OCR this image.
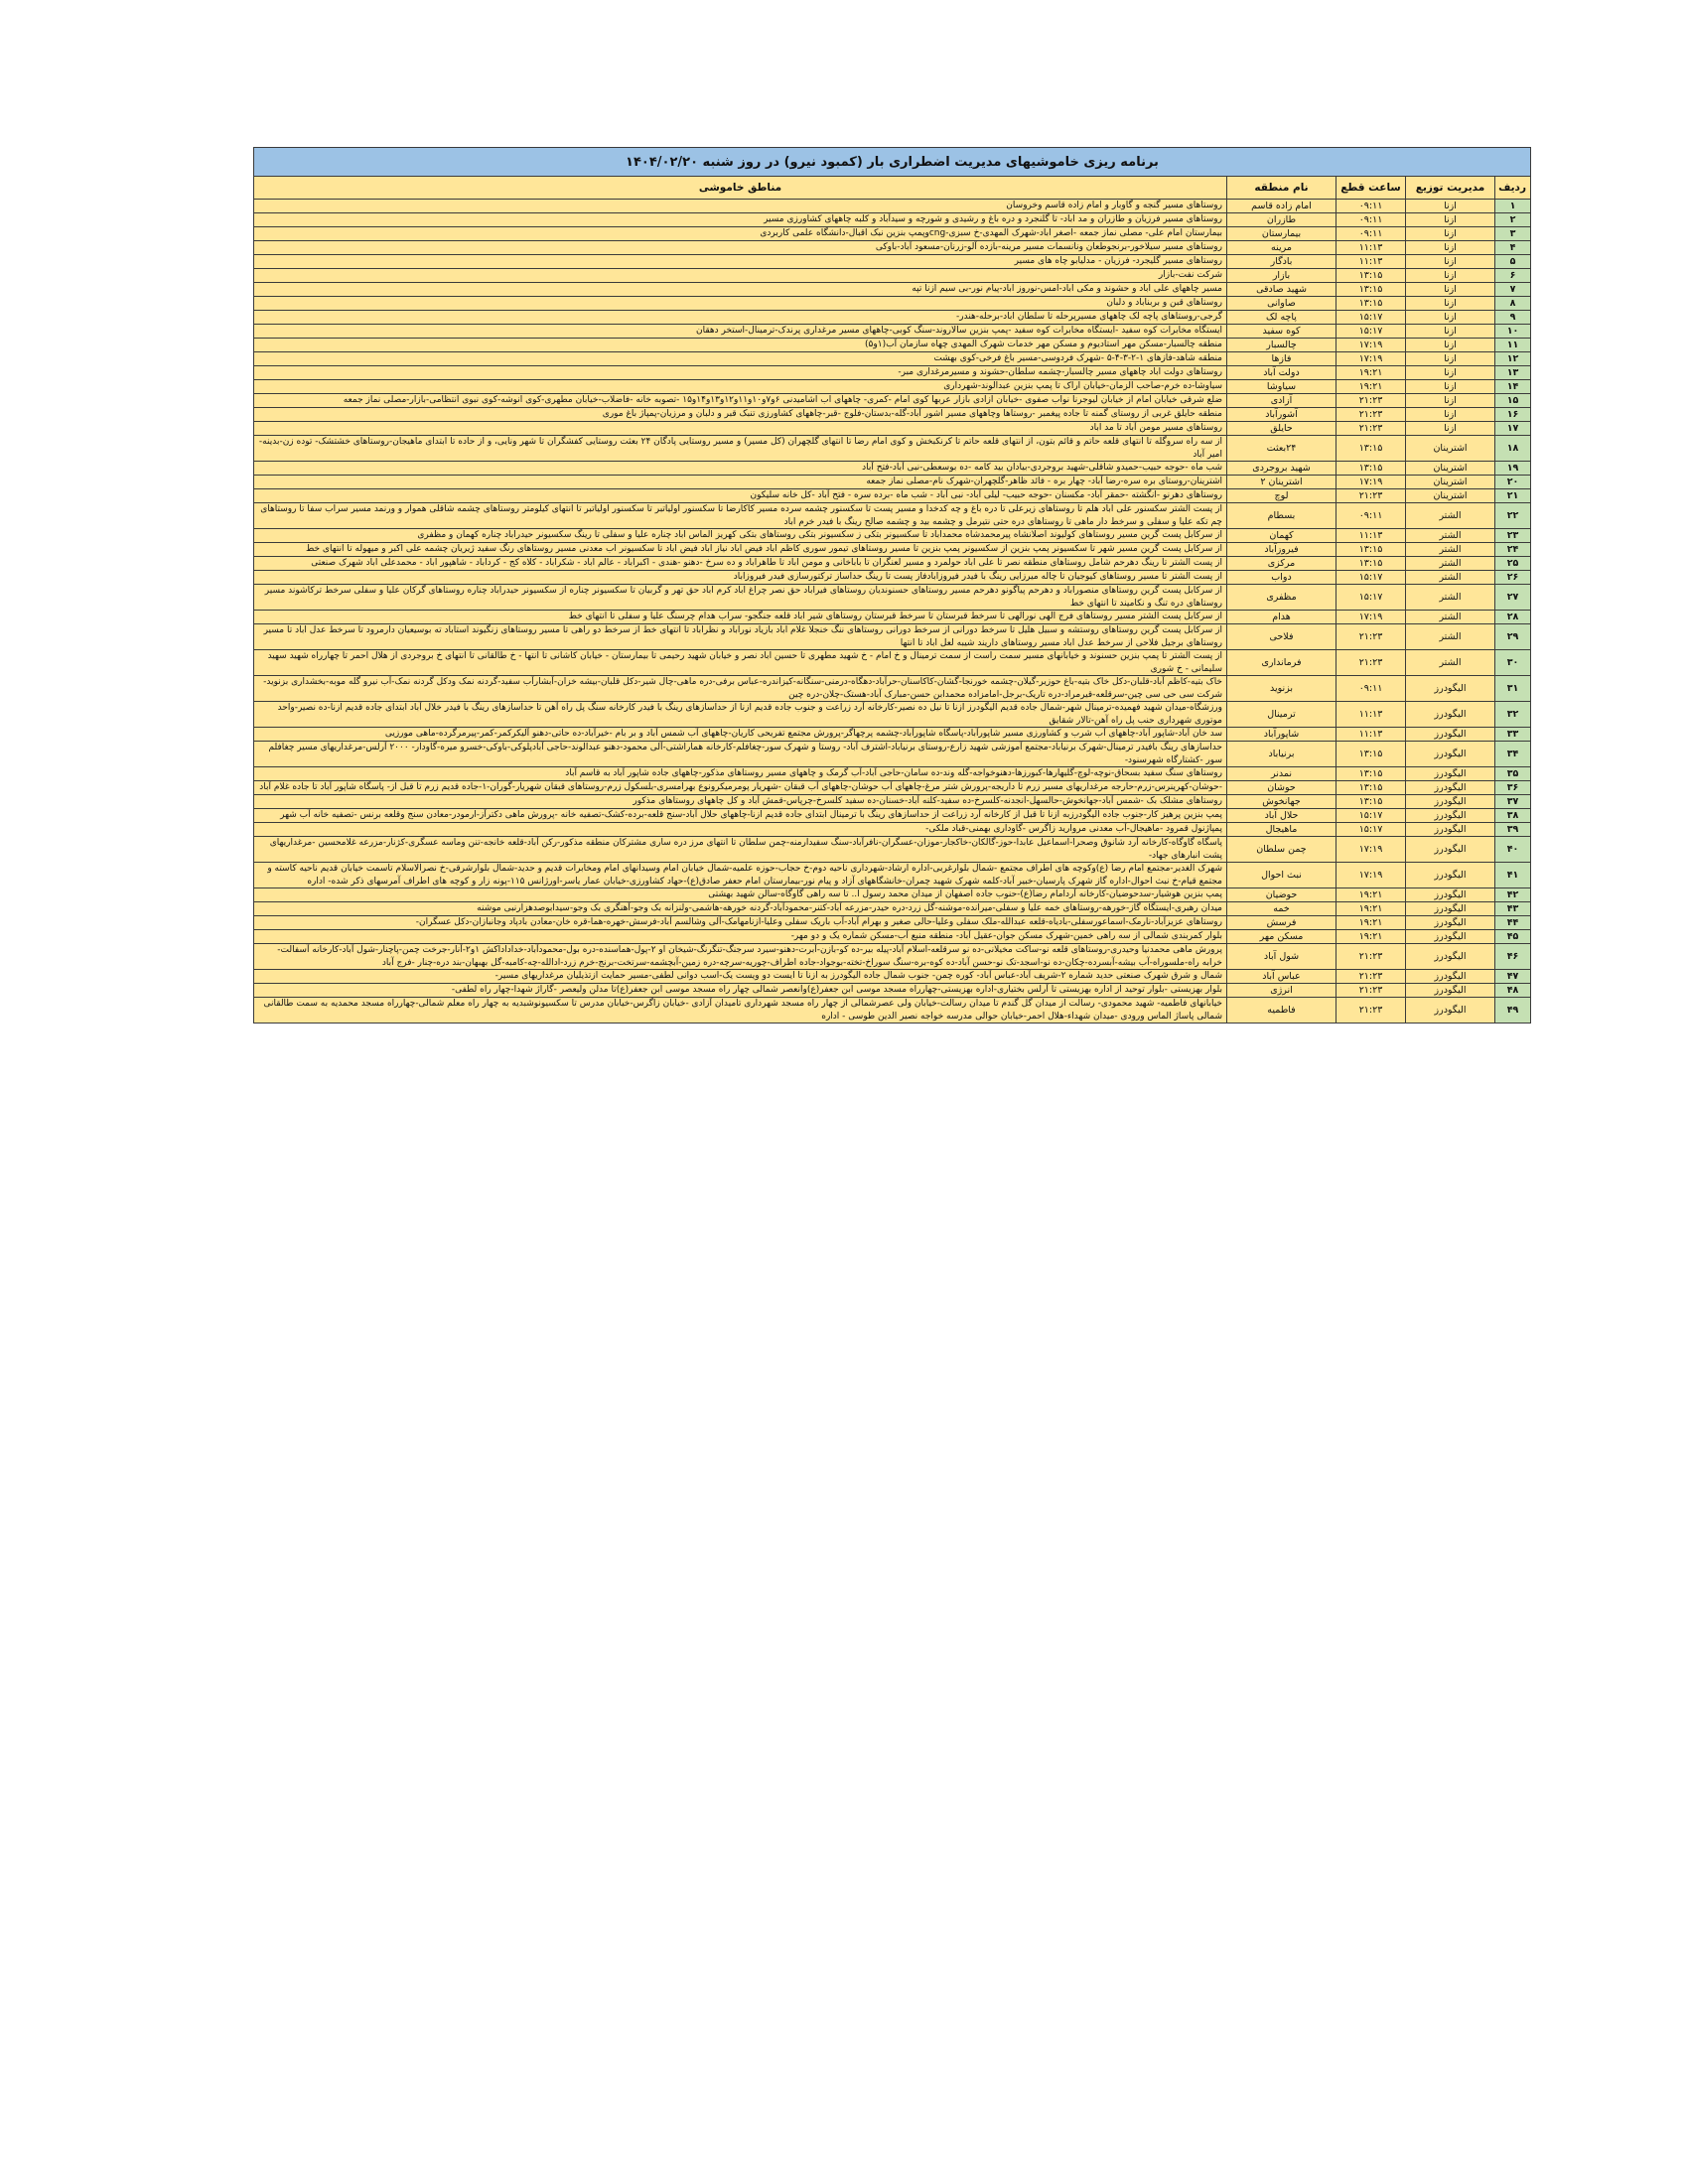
برنامه ریزی خاموشیهای مدیریت اضطراری بار (کمبود نیرو) در روز شنبه ۱۴۰۴/۰۲/۲۰				
ردیف	مدیریت توزیع	ساعت قطع	نام منطقه	مناطق خاموشی
۱	ازنا	۰۹:۱۱	امام زاده قاسم	روستاهای مسیر گنجه و گاوبار و امام زاده قاسم وخروسان
۲	ازنا	۰۹:۱۱	طازران	روستاهای مسیر فرزیان و طازران و مد اباد- تا گلنجرد و دره باغ و رشیدی و شورچه و سیدآباد و کلبه چاههای کشاورزی مسیر
۳	ازنا	۰۹:۱۱	بیمارستان	بیمارستان امام علی- مصلی نماز جمعه -اصغر اباد-شهرک المهدی-خ سبزی-cngوپمپ بنزین نبک اقبال-دانشگاه علمی کاربردی
۴	ازنا	۱۱:۱۳	مرینه	روستاهای مسیر سیلاخور-برنجوطعان ونانسمات مسیر مرینه-بازده آلو-زرنان-مسعود آباد-باوکی
۵	ازنا	۱۱:۱۳	بادگار	روستاهای مسیر گلیجرد- فرزیان - مدلیابو چاه های مسیر
۶	ازنا	۱۳:۱۵	بازار	شرکت نفت-بازار
۷	ازنا	۱۳:۱۵	شهید صادقی	مسیر چاههای علی اباد و حشوند و مکی اباد-امس-نوروز اباد-پیام نور-بی سیم ازنا تپه
۸	ازنا	۱۳:۱۵	صاوانی	روستاهای قبن و بربناباد و دلبان
۹	ازنا	۱۵:۱۷	پاچه لک	گرجی-روستاهای پاچه لک چاههای مسیرپرحله تا سلطان اباد-برحله-هندر-
۱۰	ازنا	۱۵:۱۷	کوه سفید	ایستگاه مخابرات کوه سفید -ایستگاه مخابرات کوه سفید -پمپ بنزین سالاروند-سنگ کوبی-چاههای مسیر مرغداری پرندک-ترمینال-استخر دهقان
۱۱	ازنا	۱۷:۱۹	چالسبار	منطقه چالسبار-مسکن مهر استادیوم و مسکن مهر خدمات شهرک المهدی چهاه سازمان آب(۱و۵)
۱۲	ازنا	۱۷:۱۹	فازها	منطقه شاهد-فازهای ۱-۲-۳-۴-۵ -شهرک فردوسی-مسیر باغ فرخی-کوی بهشت
۱۳	ازنا	۱۹:۲۱	دولت آباد	روستاهای دولت اباد چاههای مسیر چالسبار-چشمه سلطان-حشوند و مسیرمرغداری مبر-
۱۴	ازنا	۱۹:۲۱	سیاوشا	سیاوشا-ده خرم-صاحب الزمان-خیابان اراک تا پمپ بنزین عبدالوند-شهرداری
۱۵	ازنا	۲۱:۲۳	آزادی	ضلع شرقی خیابان امام از خیابان لیوجرنا نواب صفوی -خیابان ازادی بازار عربها کوی امام -کمری- چاههای اب اشامیدنی ۶و۷و۱۰و۱۱و۱۲و۱۳و۱۴و۱۵ -تصوبه خانه -فاضلاب-خیابان مطهری-کوی انوشه-کوی نبوی انتظامی-بازار-مصلی نماز جمعه
۱۶	ازنا	۲۱:۲۳	آشورآباد	منطقه حایلق غربی از روستای گمنه تا جاده پیغمبر -روستاها وچاههای مسیر اشور آباد-گله-بدستان-فلوج -قبر-چاههای کشاورزی تنبک قبر و دلبان و مرزیان-پمپاژ باغ موری
۱۷	ازنا	۲۱:۲۳	حایلق	روستاهای مسیر مومن آباد تا مد اباد
۱۸	اشترینان	۱۳:۱۵	۲۴بعثت	از سه راه سروگله تا انتهای قلعه حاتم و قائم بتون، از انتهای قلعه حاتم تا کرنکبخش و کوی امام رضا تا انتهای گلچهران (کل مسیر) و مسیر روستایی پادگان ۲۴ بعثت روستایی کفشگران تا شهر ونایی، و از حاده تا ابتدای ماهیجان-روستاهای خشتشک- توده زن-بدینه- امیر آباد
۱۹	اشترینان	۱۳:۱۵	شهید بروجردی	شب ماه -حوجه حبیب-حمیدو شاقلی-شهید بروجردی-بیادان بید کامه -ده بوسعطی-نبی آباد-فتح آباد
۲۰	اشترینان	۱۷:۱۹	اشترینان ۲	اشترینان-روستای بره سره-رضا آباد- چهار بره - فائد ظاهر-گلچهران-شهرک نام-مصلی نماز جمعه
۲۱	اشترینان	۲۱:۲۳	لوچ	روستاهای دهرنو -انگشته -حمقر آباد- مکسنان -حوجه حبیب- لیلی آباد- نبی آباد - شب ماه -برده سره - فتح آباد -کل خانه سلیکون
۲۲	الشتر	۰۹:۱۱	بسطام	از پست الشتر سکسنور علی اباد هلم تا روستاهای زیرعلی تا دره باغ و چه کدخدا و مسیر پست تا سکسنور چشمه سرده مسیر کاکارضا تا سکسنور اولیاتبر تا سکسنور اولیاتبر تا انتهای کیلومتر روستاهای چشمه شاقلی هموار و ورنمد مسیر سراب سفا تا روستاهای چم تکه علیا و سفلی و سرخط دار ماهی تا روستاهای دره حتی نتیرمل و چشمه بید و چشمه صالح رینگ با فیدر خرم اباد
۲۳	الشتر	۱۱:۱۳	کهمان	از سرکابل پست گرین مسیر روستاهای کولیوند اصلانشاه پیرمحمدشاه محمداباد تا سکسیونر بتکی ز سکسیونر بتکی روستاهای بتکی کهریز الماس اباد چناره علیا و سفلی تا رینگ سکسیونر حیدراباد چناره کهمان و مظفری
۲۴	الشتر	۱۳:۱۵	فیروزآباد	از سرکابل پست گرین مسیر شهر تا سکسیونر پمپ بنزین از سکسیونر پمپ بنزین تا مسیر روستاهای تیمور سوری کاظم اباد فیض اباد نیاز اباد فیض اباد تا سکسیونر اب معدنی مسیر روستاهای رنگ سفید ژیریان چشمه علی اکبر و میهوله تا انتهای خط
۲۵	الشتر	۱۳:۱۵	مرکزی	از پست الشتر تا رینگ دهرحم شامل روستاهای منطقه نصر تا علی اباد حولمرد و مسیر لعنگران تا باباخانی و مومن اباد تا طاهراباد و ده سرخ -دهنو -هندی - اکبراباد - عالم اباد - شکراباد - کلاه کج - کرداباد - شاهپور اباد - محمدعلی اباد شهرک صنعتی
۲۶	الشتر	۱۵:۱۷	دواب	از پست الشتر تا مسیر روستاهای کیوجیان تا چاله میرزایی رینگ با فیدر فیروزابادفاز پست تا رینگ حداساز ترکتورسازی فیدر فیروزاباد
۲۷	الشتر	۱۵:۱۷	مظفری	از سرکابل پست گرین روستاهای منصوراباد و دهرحم پیاگونو دهرحم مسیر روستاهای حسنوندیان روستاهای فیراباد حق نصر چراغ اباد کرم اباد حق تهر و گربیان تا سکسیونر چناره از سکسیونر حیدراباد چناره روستاهای گرکان علیا و سفلی سرخط ترکاشوند مسیر روستاهای دره تنگ و نکامیند تا انتهای خط
۲۸	الشتر	۱۷:۱۹	هدام	از سرکابل پست الشتر مسیر روستاهای فرج الهی نورالهی تا سرخط قبرستان تا سرخط قبرستان روستاهای شیر اباد قلعه جنگجو- سراب هدام چرسنگ علیا و سفلی تا انتهای خط
۲۹	الشتر	۲۱:۲۳	فلاحی	از سرکابل پست گرین روستاهای روستشه و سبیل هلیل تا سرخط دورانی از سرخط دورانی روستاهای ننگ خنجلا غلام اباد بازیاد نوراباد و نظراباد تا انتهای خط از سرخط دو راهی تا مسیر روستاهای زنگیوند استاباد ته بوسیعیان دارمرود تا سرخط عدل اباد تا مسیر روستاهای برجیل فلاحی از سرخط عدل اباد مسیر روستاهای داریند شیبه لعل اباد تا انتها
۳۰	الشتر	۲۱:۲۳	فرمانداری	از پست الشتر تا پمپ بنزین حسنوند و خیابانهای مسیر سمت راست از سمت ترمینال و خ امام - خ شهید مطهری تا حسین اباد نصر و خیابان شهید رحیمی تا بیمارستان - خیابان کاشانی تا انتها - خ طالقانی تا انتهای خ بروجردی از هلال احمر تا چهارراه شهید سهید سلیمانی - خ شوری
۳۱	الیگودرز	۰۹:۱۱	بزنوید	خاک بتیه-کاظم آباد-قلبان-دکل خاک بتیه-باغ حوزیر-گیلان-چشمه خورنجا-گشان-کاکاسنان-حرآباد-دهگاه-درمنی-سنگانه-کیزاندره-عباس برفی-دره ماهی-چال شیر-دکل قلبان-بیشه خزان-آبشارآب سفید-گردنه نمک ودکل گردنه نمک-آب نیرو گله موبه-بخشداری بزنوید-شرکت سی حی سی چین-سرقلعه-قیرمراد-دره تاریک-برجل-امامزاده محمدابن حسن-مبارک آباد-هستک-چلان-دره چین
۳۲	الیگودرز	۱۱:۱۳	ترمینال	ورزشگاه-میدان شهید فهمیده-ترمینال شهر-شمال جاده قدیم الیگودرز ازنا تا نیل ده نصیر-کارخانه آرد زراعت و جنوب جاده قدیم ازنا از حداسازهای رینگ با فیدر کارخانه سنگ پل راه آهن تا حداسازهای رینگ با فیدر خلال آباد ابتدای جاده قدیم ازنا-ده نصیر-واحد موتوری شهرداری حنب پل راه آهن-تالار شقایق
۳۳	الیگودرز	۱۱:۱۳	شاپورآباد	سد خان آباد-شاپور آباد-چاههای آب شرب و کشاورزی مسیر شاپورآباد-پاسگاه شاپورآباد-چشمه پرچهاگر-پرورش مجتمع تفریحی کاریان-چاههای آب شمس آباد و بر بام -خیرآباد-ده حاتی-دهنو آلیکرکمر-کمر-پیرمرگرده-ماهی مورزیی
۳۴	الیگودرز	۱۳:۱۵	برنیاباد	حداسازهای رینگ بافیدر ترمینال-شهرک برنیاباد-مجتمع آموزشی شهید زارع-روستای برنیاباد-اشترف آباد- روستا و شهرک سور-چغافلم-کارخانه هماراشتی-آلی محمود-دهنو عبدالوند-حاجی آبادپلوکی-باوکی-خسرو میره-گاودار- ۲۰۰۰ آرلس-مرغداریهای مسیر چغافلم سور -کشتارگاه شهرسنود-
۳۵	الیگودرز	۱۳:۱۵	نمدنر	روستاهای سنگ سفید بسحاق-نوچه-لوچ-گلیهارها-کبورزها-دهنوخواجه-گله وند-ده سامان-حاجی آباد-آب گرمک و چاههای مسیر روستاهای مذکور-چاههای جاده شاپور آباد به قاسم آباد
۳۶	الیگودرز	۱۳:۱۵	حوشان	-حوشان-کهرینرس-زرم-حارجه مرغداریهای مسیر زرم تا داریجه-پرورش شتر مرغ-چاههای آب حوشان-چاههای آب قبقان -شهریار پومرمیکرونوع بهرامسری-بلسکول زرم-روستاهای قبقان شهریار-گوران-۱-جاده قدیم زرم تا قبل از- پاسگاه شاپور آباد تا جاده غلام آباد
۳۷	الیگودرز	۱۳:۱۵	جهانخوش	روستاهای مشلک بک -شمس آباد-جهانخوش-حالسهل-انجدنه-کلسرخ-ده سفید-کلنه آباد-خسنان-ده سفید کلسرخ-چرپاس-قمش آباد و کل چاههای روستاهای مذکور
۳۸	الیگودرز	۱۵:۱۷	حلال آباد	پمپ بنزین پرهیز کار-جنوب جاده الیگودرزبه ازنا تا قبل از کارخانه آرد زراعت از حداسازهای رینگ با ترمینال ابتدای جاده قدیم ازنا-چاههای حلال آباد-سنج قلعه-برده-کشک-تصفیه خانه -پرورش ماهی دکترآز-ارمودر-معادن سنج وقلعه برنس -تصفیه خانه آب شهر
۳۹	الیگودرز	۱۵:۱۷	ماهیجال	پمپاژنول قمرود -ماهیجال-آب معدنی مروارید زاگرس -گاوداری بهمنی-قباد ملکی-
۴۰	الیگودرز	۱۷:۱۹	چمن سلطان	پاسگاه گاوگاه-کارخانه آرد شانوق وصحرا-اسماعیل عابدا-حوز-گالکان-خاکجار-موزان-عسگران-نافرآباد-سنگ سفیدارمنه-چمن سلطان تا انتهای مرز دره ساری مشترکان منطقه مذکور-رکن آباد-قلعه خانجه-تنن وماسه عسگری-کژنار-مزرعه غلامحسین -مرغداریهای پشت انبارهای جهاد-
۴۱	الیگودرز	۱۷:۱۹	نبث احوال	شهرک الغدیر-مجتمع امام رضا (ع)وکوچه های اطراف مجتمع -شمال بلوارغربی-اداره ارشاد-شهرداری ناحیه دوم-خ حجاب-حوزه علمیه-شمال خیابان امام وسیدانهای امام ومخابرات قدیم و حدید-شمال بلوارشرقی-خ نصرالاسلام تاسمت خیابان قدیم ناحیه کاسته و مجتمع قیام-خ نبث احوال-اداره گاز شهرک پارسیان-خبیر آباد-کلمه شهرک شهید چمران-خانشگاههای آزاد و پیام نور-بیمارستان امام حعفر صادق(ع)-حهاد کشاورزی-خیابان عمار یاسر-اورژانس ۱۱۵-پونه زار و کوچه های اطراف آمرسهای ذکر شده- اداره
۴۲	الیگودرز	۱۹:۲۱	حوضیان	پمپ بنزین هوشیار-سدحوضیان-کارخانه آردامام رضا(ع)-حنوب جاده اصفهان از میدان محمد رسول ا.. تا سه راهی گاوگاه-سالن شهید بهشتی
۴۳	الیگودرز	۱۹:۲۱	خمه	میدان رهبری-ایستگاه گاز-خورهه-روستاهای خمه علیا و سفلی-میرانده-موشنه-گل زرد-دره حیدر-مزرعه آباد-کتنر-محمودآباد-گردنه خورهه-هاشمی-ولنزانه بک وجو-آهنگری بک وجو-سیدابوصدهزارنبی موشنه
۴۴	الیگودرز	۱۹:۲۱	فرسش	روستاهای عزیزآباد-نارمک-اسماعورسفلی-بادیاه-قلعه عبدالله-ملک سفلی وعلیا-حالی صغیر و بهرام آباد-آب باریک سفلی وعلیا-ازنامهامک-آلی وشالسم آباد-فرسش-خهره-هما-قره خان-معادن بادپاد وجانبازان-دکل عسگران-
۴۵	الیگودرز	۱۹:۲۱	مسکن مهر	بلوار کمربندی شمالی از سه راهی خمین-شهرک مسکن جوان-عقیل آباد- منطقه منبع آب-مسکن شماره یک و دو مهر-
۴۶	الیگودرز	۲۱:۲۳	شول آباد	پرورش ماهی محمدنیا وحیدری-روستاهای قلعه نو-ساکت مخیلانی-ده نو سرقلعه-اسلام آباد-پیله بیر-ده کو-بازن-آبرت-دهنو-سیرد سرجنگ-تنگرنگ-شیخان او ۲-پول-هماسنده-دره بول-محمودآباد-خداداداکش ۱و۲-آنار-جرخت چمن-پاچنار-شول آباد-کارخانه آسفالت-خرابه راه-ملسوراه-آب بیشه-آبسرده-چکان-ده نو-اسجد-تک نو-حسن آباد-ده کوه-بره-سنگ سوراخ-تخته-بوجواد-جاده اطراف-چوریه-سرچه-دره زمین-آبچشمه-سرتخت-برنج-خرم زرد-ادالله-چه-کامبه-گل بهبهان-بند دره-چنار -فرج آباد
۴۷	الیگودرز	۲۱:۲۳	عباس آباد	شمال و شرق شهرک صنعتی حدید شماره ۲-شریف آباد-عباس آباد- کوره چمن- جنوب شمال جاده الیگودرز به ازنا تا ایست دو ویست یک-اسب دوانی لطفی-مسیر حمایت ازتذیلیان مرغداریهای مسیر-
۴۸	الیگودرز	۲۱:۲۳	انرژی	بلوار بهزیستی -بلوار توحید از اداره بهزیستی تا آرلس بختیاری-اداره بهزیستی-چهارراه مسجد موسی ابن جعفر(ع)وانعصر شمالی چهار راه مسجد موسی ابن جعفر(ع)تا مدلن ولیعصر -گاراژ شهدا-چهار راه لطفی-
۴۹	الیگودرز	۲۱:۲۳	فاطمیه	خیابانهای فاطمیه- شهید محمودی- رسالت از میدان گل گندم تا میدان رسالت-خیابان ولی عصرشمالی از چهار راه مسجد شهرداری تامیدان آزادی -خیابان زاگرس-خیابان مدرس تا سکسیونوشبدیه به چهار راه معلم شمالی-چهارراه مسجد محمدیه به سمت طالقانی شمالی پاساژ الماس ورودی -میدان شهداء-هلال احمر-خیابان حوالی مدرسه خواجه نصیر الدین طوسی - اداره
